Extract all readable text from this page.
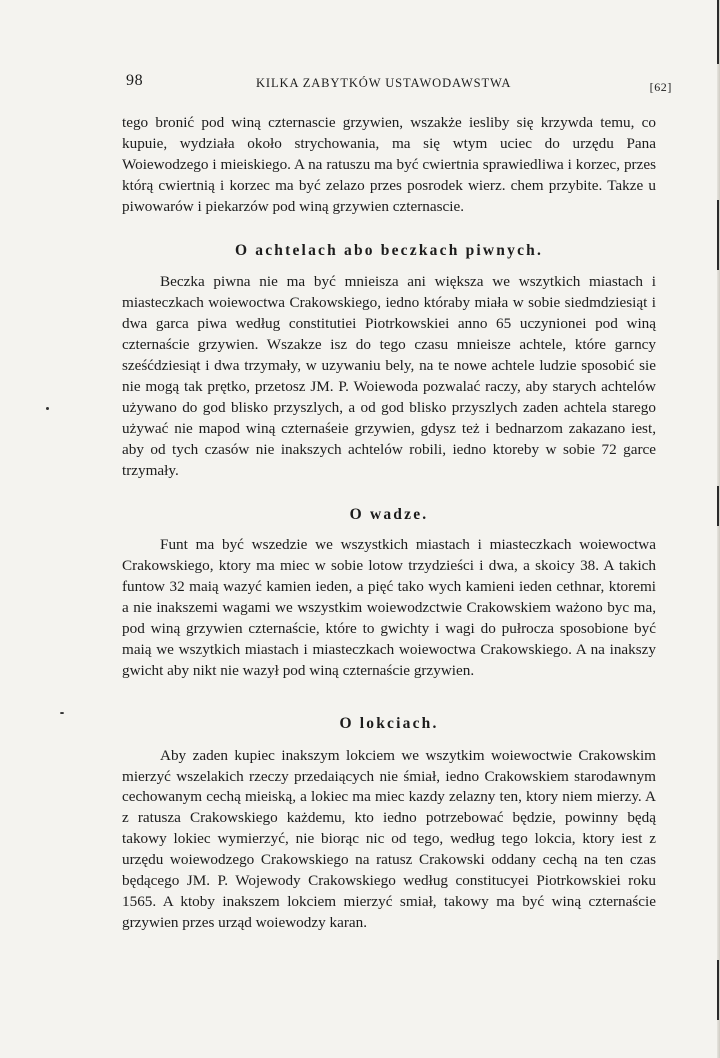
98	KILKA ZABYTKÓW USTAWODAWSTWA	[62]

tego bronić pod winą czternascie grzywien, wszakże iesliby się krzywda temu, co kupuie, wydziała około strychowania, ma się wtym uciec do urzędu Pana Woiewodzego i mieiskiego. A na ratuszu ma być cwiertnia sprawiedliwa i korzec, przes którą cwiertnią i korzec ma być zelazo przes posrodek wierz. chem przybite. Takze u piwowarów i piekarzów pod winą grzywien czternascie.

O achtelach abo beczkach piwnych.

Beczka piwna nie ma być mnieisza ani większa we wszytkich miastach i miasteczkach woiewoctwa Crakowskiego, iedno któraby miała w sobie siedmdziesiąt i dwa garca piwa według constitutiei Piotrkowskiei anno 65 uczynionei pod winą czternaście grzywien. Wszakze isz do tego czasu mnieisze achtele, które garncy sześćdziesiąt i dwa trzymały, w uzywaniu bely, na te nowe achtele ludzie sposobić sie nie mogą tak prętko, przetosz JM. P. Woiewoda pozwalać raczy, aby starych achtelów używano do god blisko przyszlych, a od god blisko przyszlych zaden achtela starego używać nie mapod winą czternaśeie grzywien, gdysz też i bednarzom zakazano iest, aby od tych czasów nie inakszych achtelów robili, iedno ktoreby w sobie 72 garce trzymały.

O wadze.

Funt ma być wszedzie we wszystkich miastach i miasteczkach woiewoctwa Crakowskiego, ktory ma miec w sobie lotow trzydzieści i dwa, a skoicy 38. A takich funtow 32 maią wazyć kamien ieden, a pięć tako wych kamieni ieden cethnar, ktoremi a nie inakszemi wagami we wszystkim woiewodzctwie Crakowskiem ważono byc ma, pod winą grzywien czternaście, które to gwichty i wagi do pułrocza sposobione być maią we wszytkich miastach i miasteczkach woiewoctwa Crakowskiego. A na inakszy gwicht aby nikt nie wazył pod winą czternaście grzywien.

O lokciach.

Aby zaden kupiec inakszym lokciem we wszytkim woiewoctwie Crakowskim mierzyć wszelakich rzeczy przedaiących nie śmiał, iedno Crakowskiem starodawnym cechowanym cechą mieiską, a lokiec ma miec kazdy zelazny ten, ktory niem mierzy. A z ratusza Crakowskiego każdemu, kto iedno potrzebować będzie, powinny będą takowy lokiec wymierzyć, nie biorąc nic od tego, według tego lokcia, ktory iest z urzędu woiewodzego Crakowskiego na ratusz Crakowski oddany cechą na ten czas będącego JM. P. Wojewody Crakowskiego według constitucyei Piotrkowskiei roku 1565. A ktoby inakszem lokciem mierzyć smiał, takowy ma być winą czternaście grzywien przes urząd woiewodzy karan.
